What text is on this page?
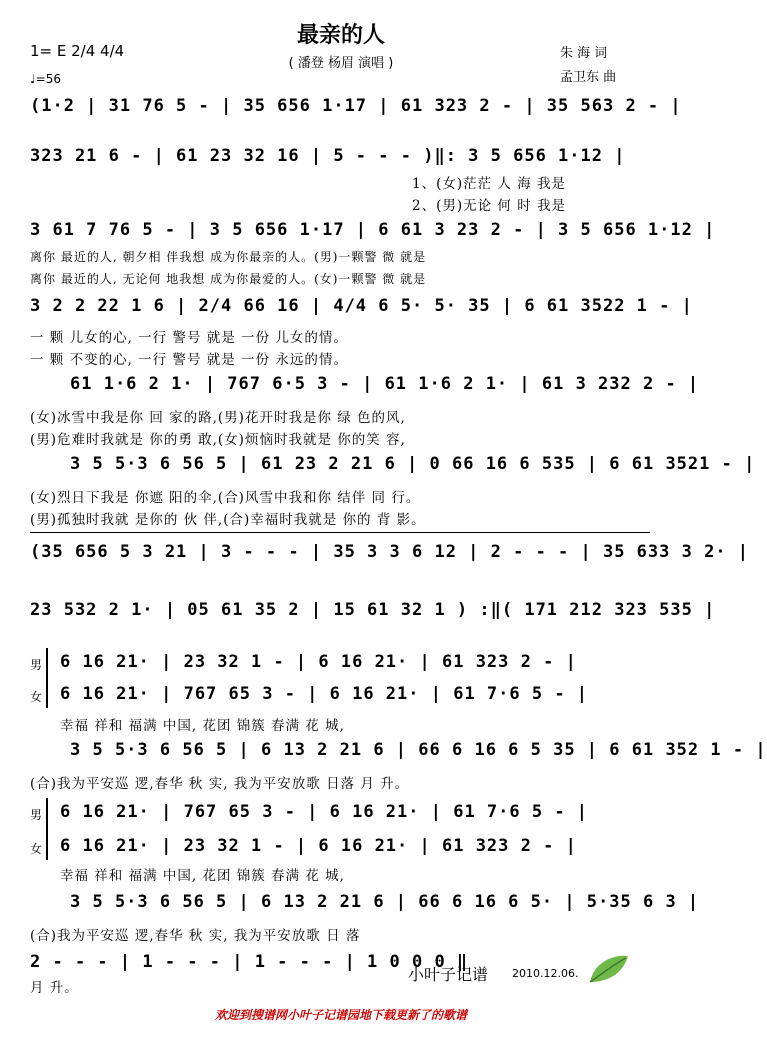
最亲的人
( 潘登 杨眉 演唱 )
1= E 2/4 4/4
♩=56
朱 海 词
孟卫东 曲
(1·2 | 31 76 5 - | 35 656 1·17 | 61 323 2 - | 35 563 2 - |
323 21 6 - | 61 23 32 16 | 5 - - - )‖: 3 5 656 1·12 |
1、(女)茫茫 人 海 我是
2、(男)无论 何 时 我是
3 61 7 76 5 - | 3 5 656 1·17 | 6 61 3 23 2 - | 3 5 656 1·12 |
离你 最近的人, 朝夕相 伴我想 成为你最亲的人。(男)一颗警 微 就是
离你 最近的人, 无论何 地我想 成为你最爱的人。(女)一颗警 微 就是
3 2 2 22 1 6 | 2/4 66 16 | 4/4 6 5· 5· 35 | 6 61 3522 1 - |
一 颗 儿女的心, 一行 警号 就是 一份 儿女的情。
一 颗 不变的心, 一行 警号 就是 一份 永远的情。
61 1·6 2 1· | 767 6·5 3 - | 61 1·6 2 1· | 61 3 232 2 - |
(女)冰雪中我是你 回 家的路,(男)花开时我是你 绿 色的风,
(男)危难时我就是 你的勇 敢,(女)烦恼时我就是 你的笑 容,
3 5 5·3 6 56 5 | 61 23 2 21 6 | 0 66 16 6 535 | 6 61 3521 - |
(女)烈日下我是 你遮 阳的伞,(合)风雪中我和你 结伴 同 行。
(男)孤独时我就 是你的 伙 伴,(合)幸福时我就是 你的 背 影。
(35 656 5 3 21 | 3 - - - | 35 3 3 6 12 | 2 - - - | 35 633 3 2· |
23 532 2 1· | 05 61 35 2 | 15 61 32 1 ) :‖( 171 212 323 535 |
男
女
6 16 21· | 23 32 1 - | 6 16 21· | 61 323 2 - |
6 16 21· | 767 65 3 - | 6 16 21· | 61 7·6 5 - |
幸福 祥和 福满 中国, 花团 锦簇 春满 花 城,
3 5 5·3 6 56 5 | 6 13 2 21 6 | 66 6 16 6 5 35 | 6 61 352 1 - |
(合)我为平安巡 逻,春华 秋 实, 我为平安放歌 日落 月 升。
男
女
6 16 21· | 767 65 3 - | 6 16 21· | 61 7·6 5 - |
6 16 21· | 23 32 1 - | 6 16 21· | 61 323 2 - |
幸福 祥和 福满 中国, 花团 锦簇 春满 花 城,
3 5 5·3 6 56 5 | 6 13 2 21 6 | 66 6 16 6 5· | 5·35 6 3 |
(合)我为平安巡 逻,春华 秋 实, 我为平安放歌 日 落
2 - - - | 1 - - - | 1 - - - | 1 0 0 0 ‖
月 升。
小叶子记谱 2010.12.06.
欢迎到搜谱网小叶子记谱园地下载更新了的歌谱
